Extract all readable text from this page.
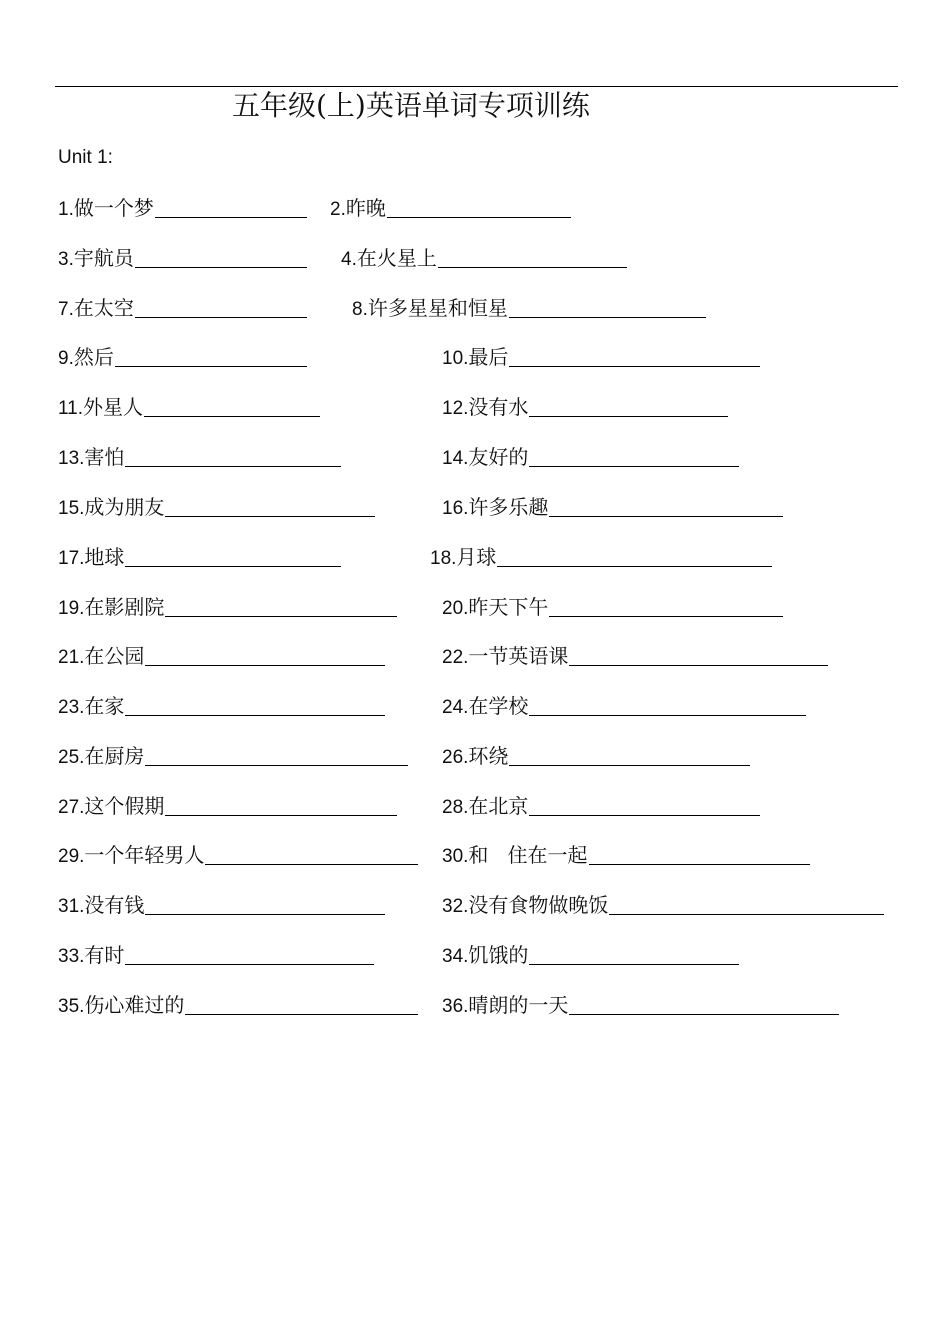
五年级(上)英语单词专项训练
Unit 1:
1. 做一个梦	2. 昨晚
3. 宇航员	4. 在火星上
7. 在太空	8. 许多星星和恒星
9. 然后	10. 最后
11. 外星人	12. 没有水
13. 害怕	14. 友好的
15. 成为朋友	16. 许多乐趣
17. 地球	18. 月球
19. 在影剧院	20. 昨天下午
21. 在公园	22. 一节英语课
23. 在家	24. 在学校
25. 在厨房	26. 环绕
27. 这个假期	28. 在北京
29. 一个年轻男人	30. 和   住在一起
31. 没有钱	32. 没有食物做晚饭
33. 有时	34. 饥饿的
35. 伤心难过的	36. 晴朗的一天
